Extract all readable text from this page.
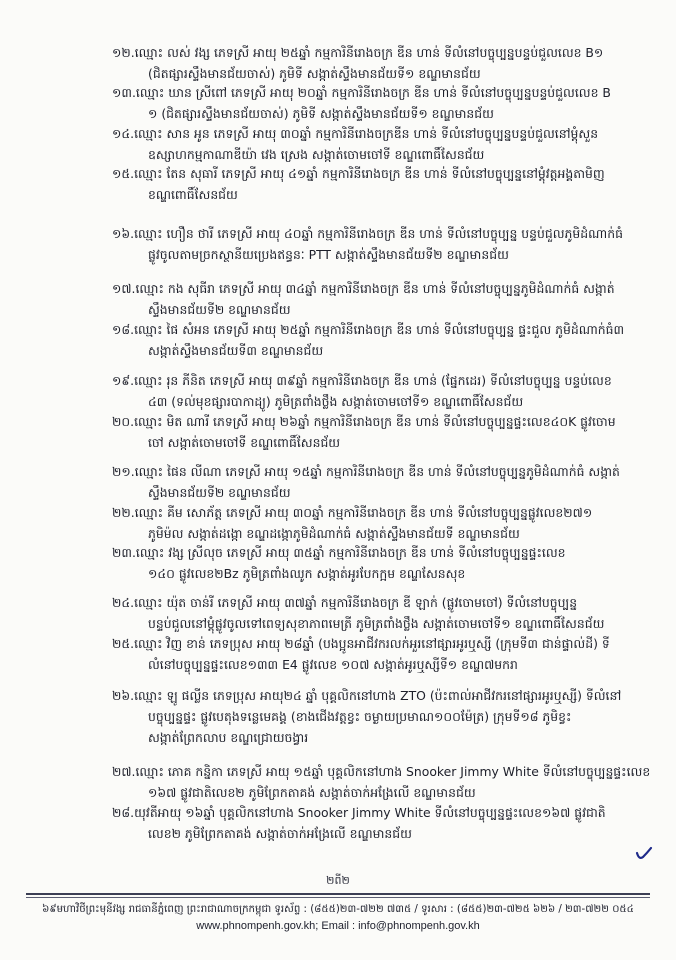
១២.ឈ្មោះ លស់ វង្ស ភេទស្រី អាយុ ២៥ឆ្នាំ កម្មការិនីរោងចក្រ ឌីន ហាន់ ទីលំនៅបច្ចុប្បន្នបន្ទប់ជួលលេខ B១
(ជិតផ្សារស្ទឹងមានជ័យចាស់) ភូមិទី សង្កាត់ស្ទឹងមានជ័យទី១ ខណ្ឌមានជ័យ
១៣.ឈ្មោះ ឃាន ស្រីពៅ ភេទស្រី អាយុ ២០ឆ្នាំ កម្មការិនីរោងចក្រ ឌីន ហាន់ ទីលំនៅបច្ចុប្បន្នបន្ទប់ជួលលេខ B
១ (ជិតផ្សារស្ទឹងមានជ័យចាស់) ភូមិទី សង្កាត់ស្ទឹងមានជ័យទី១ ខណ្ឌមានជ័យ
១៤.ឈ្មោះ សាន អូន ភេទស្រី អាយុ ៣០ឆ្នាំ កម្មការិនីរោងចក្រឌីន ហាន់ ទីលំនៅបច្ចុប្បន្នបន្ទប់ជួលនៅម្តុំសួន
ឧស្សាហកម្មកាណាឌីយ៉ា វេង ស្រេង សង្កាត់ចោមចៅទី ខណ្ឌពោធិ៍សែនជ័យ
១៥.ឈ្មោះ តែន សុធារី ភេទស្រី អាយុ ៤១ឆ្នាំ កម្មការិនីរោងចក្រ ឌីន ហាន់ ទីលំនៅបច្ចុប្បន្ននៅម្តុំវត្តអង្គតាមិញ
ខណ្ឌពោធិ៍សែនជ័យ
១៦.ឈ្មោះ ហឿន ថារី ភេទស្រី អាយុ ៤០ឆ្នាំ កម្មការិនីរោងចក្រ ឌីន ហាន់ ទីលំនៅបច្ចុប្បន្ន បន្ទប់ជួលភូមិដំណាក់ធំ
ផ្លូវចូលតាមច្រកស្ថានីយប្រេងឥន្ធនៈ PTT សង្កាត់ស្ទឹងមានជ័យទី២ ខណ្ឌមានជ័យ
១៧.ឈ្មោះ កង សុធីរា ភេទស្រី អាយុ ៣៤ឆ្នាំ កម្មការិនីរោងចក្រ ឌីន ហាន់ ទីលំនៅបច្ចុប្បន្នភូមិដំណាក់ធំ សង្កាត់
ស្ទឹងមានជ័យទី២ ខណ្ឌមានជ័យ
១៨.ឈ្មោះ ផៃ សំអន ភេទស្រី អាយុ ២៥ឆ្នាំ កម្មការិនីរោងចក្រ ឌីន ហាន់ ទីលំនៅបច្ចុប្បន្ន ផ្ទះជួល ភូមិដំណាក់ធំ៣
សង្កាត់ស្ទឹងមានជ័យទី៣ ខណ្ឌមានជ័យ
១៩.ឈ្មោះ រុន ភីនិត ភេទស្រី អាយុ ៣៩ឆ្នាំ កម្មការិនីរោងចក្រ ឌីន ហាន់ (ផ្នែកដេរ) ទីលំនៅបច្ចុប្បន្ន បន្ទប់លេខ
៤៣ (ទល់មុខផ្សារបាកាដ្យូ) ភូមិត្រពាំងថ្លឹង សង្កាត់ចោមចៅទី១ ខណ្ឌពោធិ៍សែនជ័យ
២០.ឈ្មោះ មិត ណារី ភេទស្រី អាយុ ២៦ឆ្នាំ កម្មការិនីរោងចក្រ ឌីន ហាន់ ទីលំនៅបច្ចុប្បន្នផ្ទះលេខ៤០K ផ្លូវចោម
ចៅ សង្កាត់ចោមចៅទី ខណ្ឌពោធិ៍សែនជ័យ
២១.ឈ្មោះ ផៃន លីណា ភេទស្រី អាយុ ១៥ឆ្នាំ កម្មការិនីរោងចក្រ ឌីន ហាន់ ទីលំនៅបច្ចុប្បន្នភូមិដំណាក់ធំ សង្កាត់
ស្ទឹងមានជ័យទី២ ខណ្ឌមានជ័យ
២២.ឈ្មោះ គីម សោភ័ត្ត ភេទស្រី អាយុ ៣០ឆ្នាំ កម្មការិនីរោងចក្រ ឌីន ហាន់ ទីលំនៅបច្ចុប្បន្នផ្លូវលេខ២៧១
ភូមិម៉ល សង្កាត់ដង្កោ ខណ្ឌដង្កោភូមិដំណាក់ធំ សង្កាត់ស្ទឹងមានជ័យទី ខណ្ឌមានជ័យ
២៣.ឈ្មោះ វង្ស ស្រីលុច ភេទស្រី អាយុ ៣៥ឆ្នាំ កម្មការិនីរោងចក្រ ឌីន ហាន់ ទីលំនៅបច្ចុប្បន្នផ្ទះលេខ
១៤០ ផ្លូវលេខ២Bz ភូមិត្រពាំងឈូក សង្កាត់អូរបែកក្អម ខណ្ឌសែនសុខ
២៤.ឈ្មោះ យ៉ុត ចាន់រី ភេទស្រី អាយុ ៣៧ឆ្នាំ កម្មការិនីរោងចក្រ ឌី ឡាក់ (ផ្លូវចោមចៅ) ទីលំនៅបច្ចុប្បន្ន
បន្ទប់ជួលនៅម្តុំផ្លូវចូលទៅពេទ្យសុខាភាពមេត្រី ភូមិត្រពាំងថ្លឹង សង្កាត់ចោមចៅទី១ ខណ្ឌពោធិ៍សែនជ័យ
២៥.ឈ្មោះ វិញ ខាន់ ភេទប្រុស អាយុ ២៨ឆ្នាំ (បងប្អូនអាជីវករលក់អួរនៅផ្សារអូរឬស្សី (ក្រុមទី៣ ជាន់ផ្ទាល់ដី) ទី
លំនៅបច្ចុប្បន្នផ្ទះលេខ១៣៣ E4 ផ្លូវលេខ ១០៧ សង្កាត់អូរឬស្សីទី១ ខណ្ឌ៧មករា
២៦.ឈ្មោះ ឡូ ផល្លីន ភេទប្រុស អាយុ២៤ ឆ្នាំ បុគ្គលិកនៅហាង ZTO (ប៉ះពាល់អាជីវករនៅផ្សារអូរឬស្សី) ទីលំនៅ
បច្ចុប្បន្នផ្ទះ ផ្លូវបេតុងទន្លេមេគង្គ (ខាងជើងវត្តខ្វះ ចម្ងាយប្រមាណ១០០ម៉ែត្រ) ក្រុមទី១៨ ភូមិខ្វះ
សង្កាត់ព្រែកលាប ខណ្ឌជ្រោយចង្វារ
២៧.ឈ្មោះ ភោគ កន្និកា ភេទស្រី អាយុ ១៥ឆ្នាំ បុគ្គលិកនៅហាង Snooker Jimmy White ទីលំនៅបច្ចុប្បន្នផ្ទះលេខ
១៦៧ ផ្លូវជាតិលេខ២ ភូមិព្រែកតាគង់ សង្កាត់ចាក់អង្រែលើ ខណ្ឌមានជ័យ
២៨.យុវតីអាយុ ១៦ឆ្នាំ បុគ្គលិកនៅហាង Snooker Jimmy White ទីលំនៅបច្ចុប្បន្នផ្ទះលេខ១៦៧ ផ្លូវជាតិ
លេខ២ ភូមិព្រែកតាគង់ សង្កាត់ចាក់អង្រែលើ ខណ្ឌមានជ័យ
២ពី២
៦៩មហាវិថីព្រះមុនីវង្ស រាជធានីភ្នំពេញ ព្រះរាជាណាចក្រកម្ពុជា ទូរស័ព្ទ : (៨៥៥)២៣-៧២២ ៧៣៥ / ទូរសារ : (៨៥៥)២៣-៧២៥ ៦២៦ / ២៣-៧២២ ០៥៤
www.phnompenh.gov.kh; Email : info@phnompenh.gov.kh
